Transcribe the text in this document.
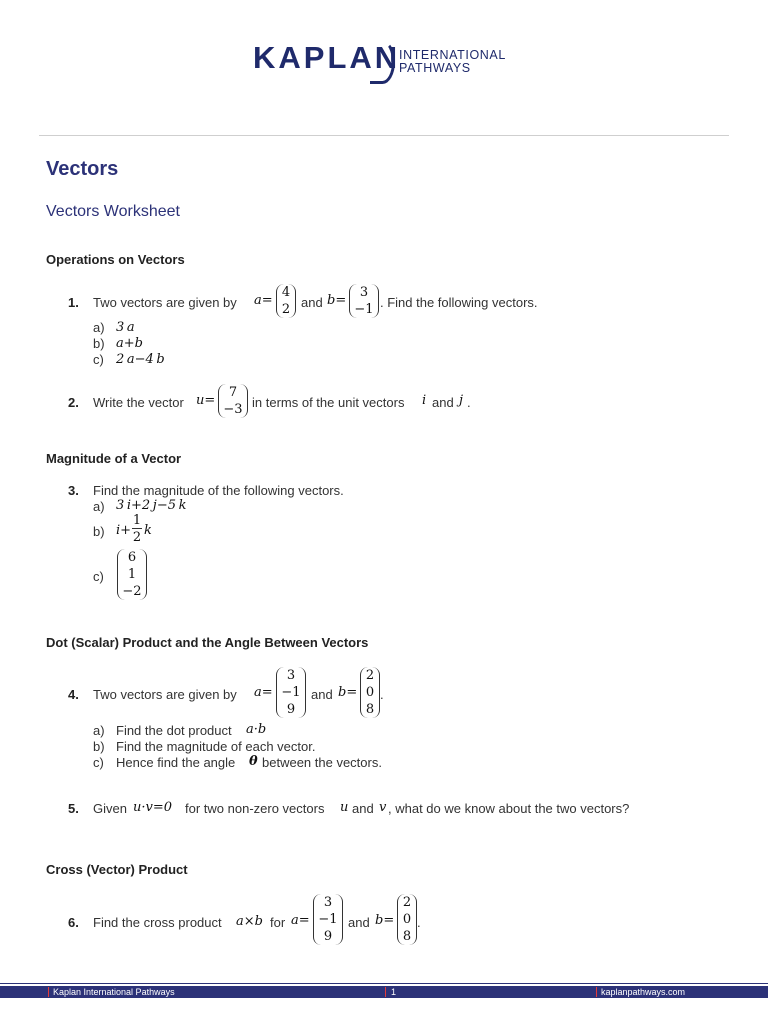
KAPLAN
INTERNATIONAL
PATHWAYS
Vectors
Vectors Worksheet
Operations on Vectors
1. Two vectors are given by a=
4
2 and b=
3
−1 . Find the following vectors.
a) 3 a
b) a+b
c) 2 a−4 b
2. Write the vector u=
7
−3 in terms of the unit vectors i and j .
Magnitude of a Vector
3. Find the magnitude of the following vectors.
a) 3 i+2 j−5 k
b) i+
1
2 k
c)
6
1
−2
Dot (Scalar) Product and the Angle Between Vectors
4. Two vectors are given by a=
3
−1
9
and b=
2
0
8
.
a) Find the dot product a·b
b) Find the magnitude of each vector.
c) Hence find the angle θ between the vectors.
5. Given u·v=0 for two non-zero vectors u and v , what do we know about the two vectors?
Cross (Vector) Product
6. Find the cross product a×b for a=
3
−1
9
and b=
2
0
8
.
Kaplan International Pathways	1	kaplanpathways.com
